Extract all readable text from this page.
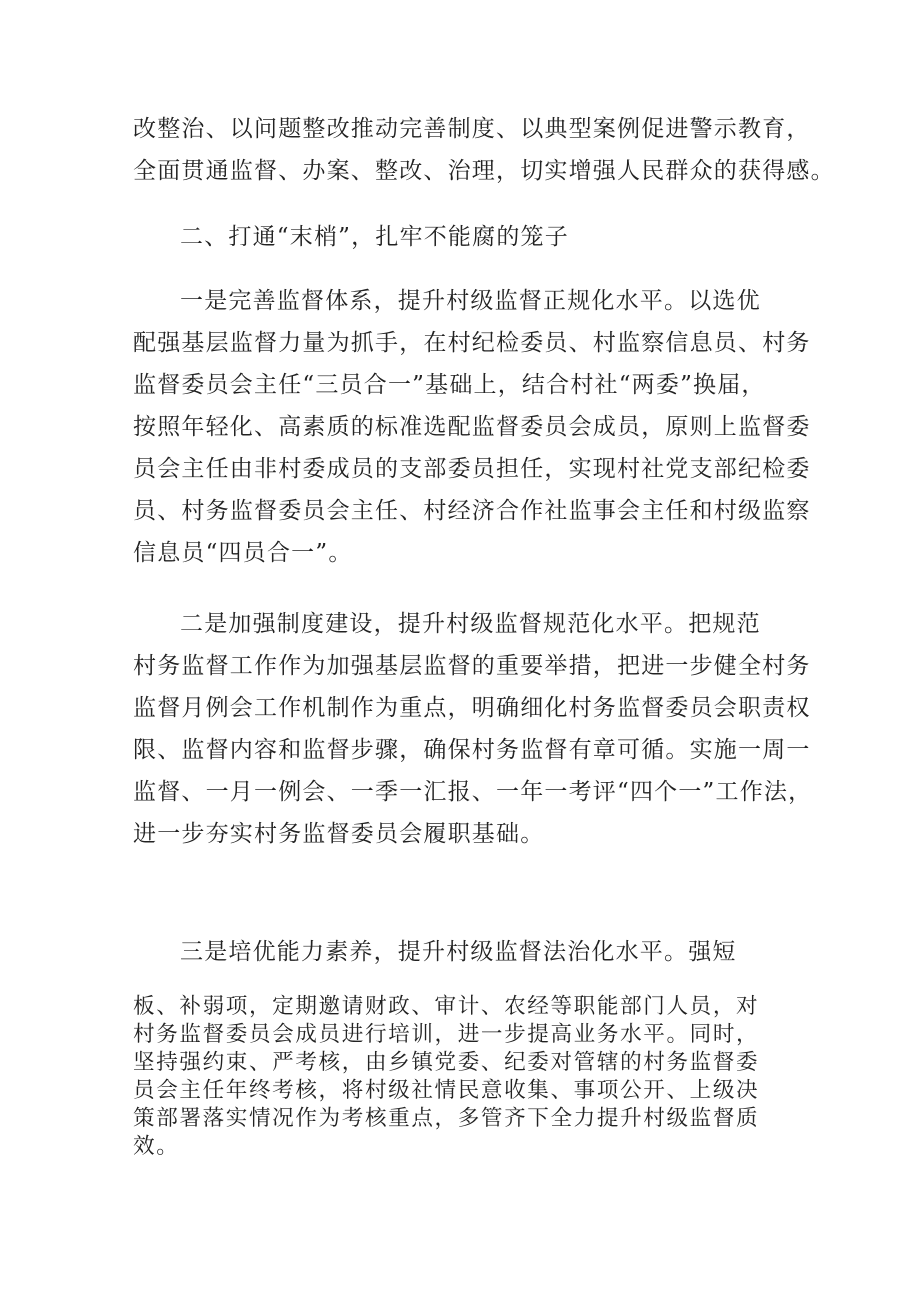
改整治、以问题整改推动完善制度、以典型案例促进警示教育，
全面贯通监督、办案、整改、治理，切实增强人民群众的获得感。
二、打通“末梢”，扎牢不能腐的笼子
一是完善监督体系，提升村级监督正规化水平。以选优
配强基层监督力量为抓手，在村纪检委员、村监察信息员、村务
监督委员会主任“三员合一”基础上，结合村社“两委”换届，
按照年轻化、高素质的标准选配监督委员会成员，原则上监督委
员会主任由非村委成员的支部委员担任，实现村社党支部纪检委
员、村务监督委员会主任、村经济合作社监事会主任和村级监察
信息员“四员合一”。
二是加强制度建设，提升村级监督规范化水平。把规范
村务监督工作作为加强基层监督的重要举措，把进一步健全村务
监督月例会工作机制作为重点，明确细化村务监督委员会职责权
限、监督内容和监督步骤，确保村务监督有章可循。实施一周一
监督、一月一例会、一季一汇报、一年一考评“四个一”工作法，
进一步夯实村务监督委员会履职基础。
三是培优能力素养，提升村级监督法治化水平。强短
板、补弱项，定期邀请财政、审计、农经等职能部门人员，对
村务监督委员会成员进行培训，进一步提高业务水平。同时，
坚持强约束、严考核，由乡镇党委、纪委对管辖的村务监督委
员会主任年终考核，将村级社情民意收集、事项公开、上级决
策部署落实情况作为考核重点，多管齐下全力提升村级监督质
效。
